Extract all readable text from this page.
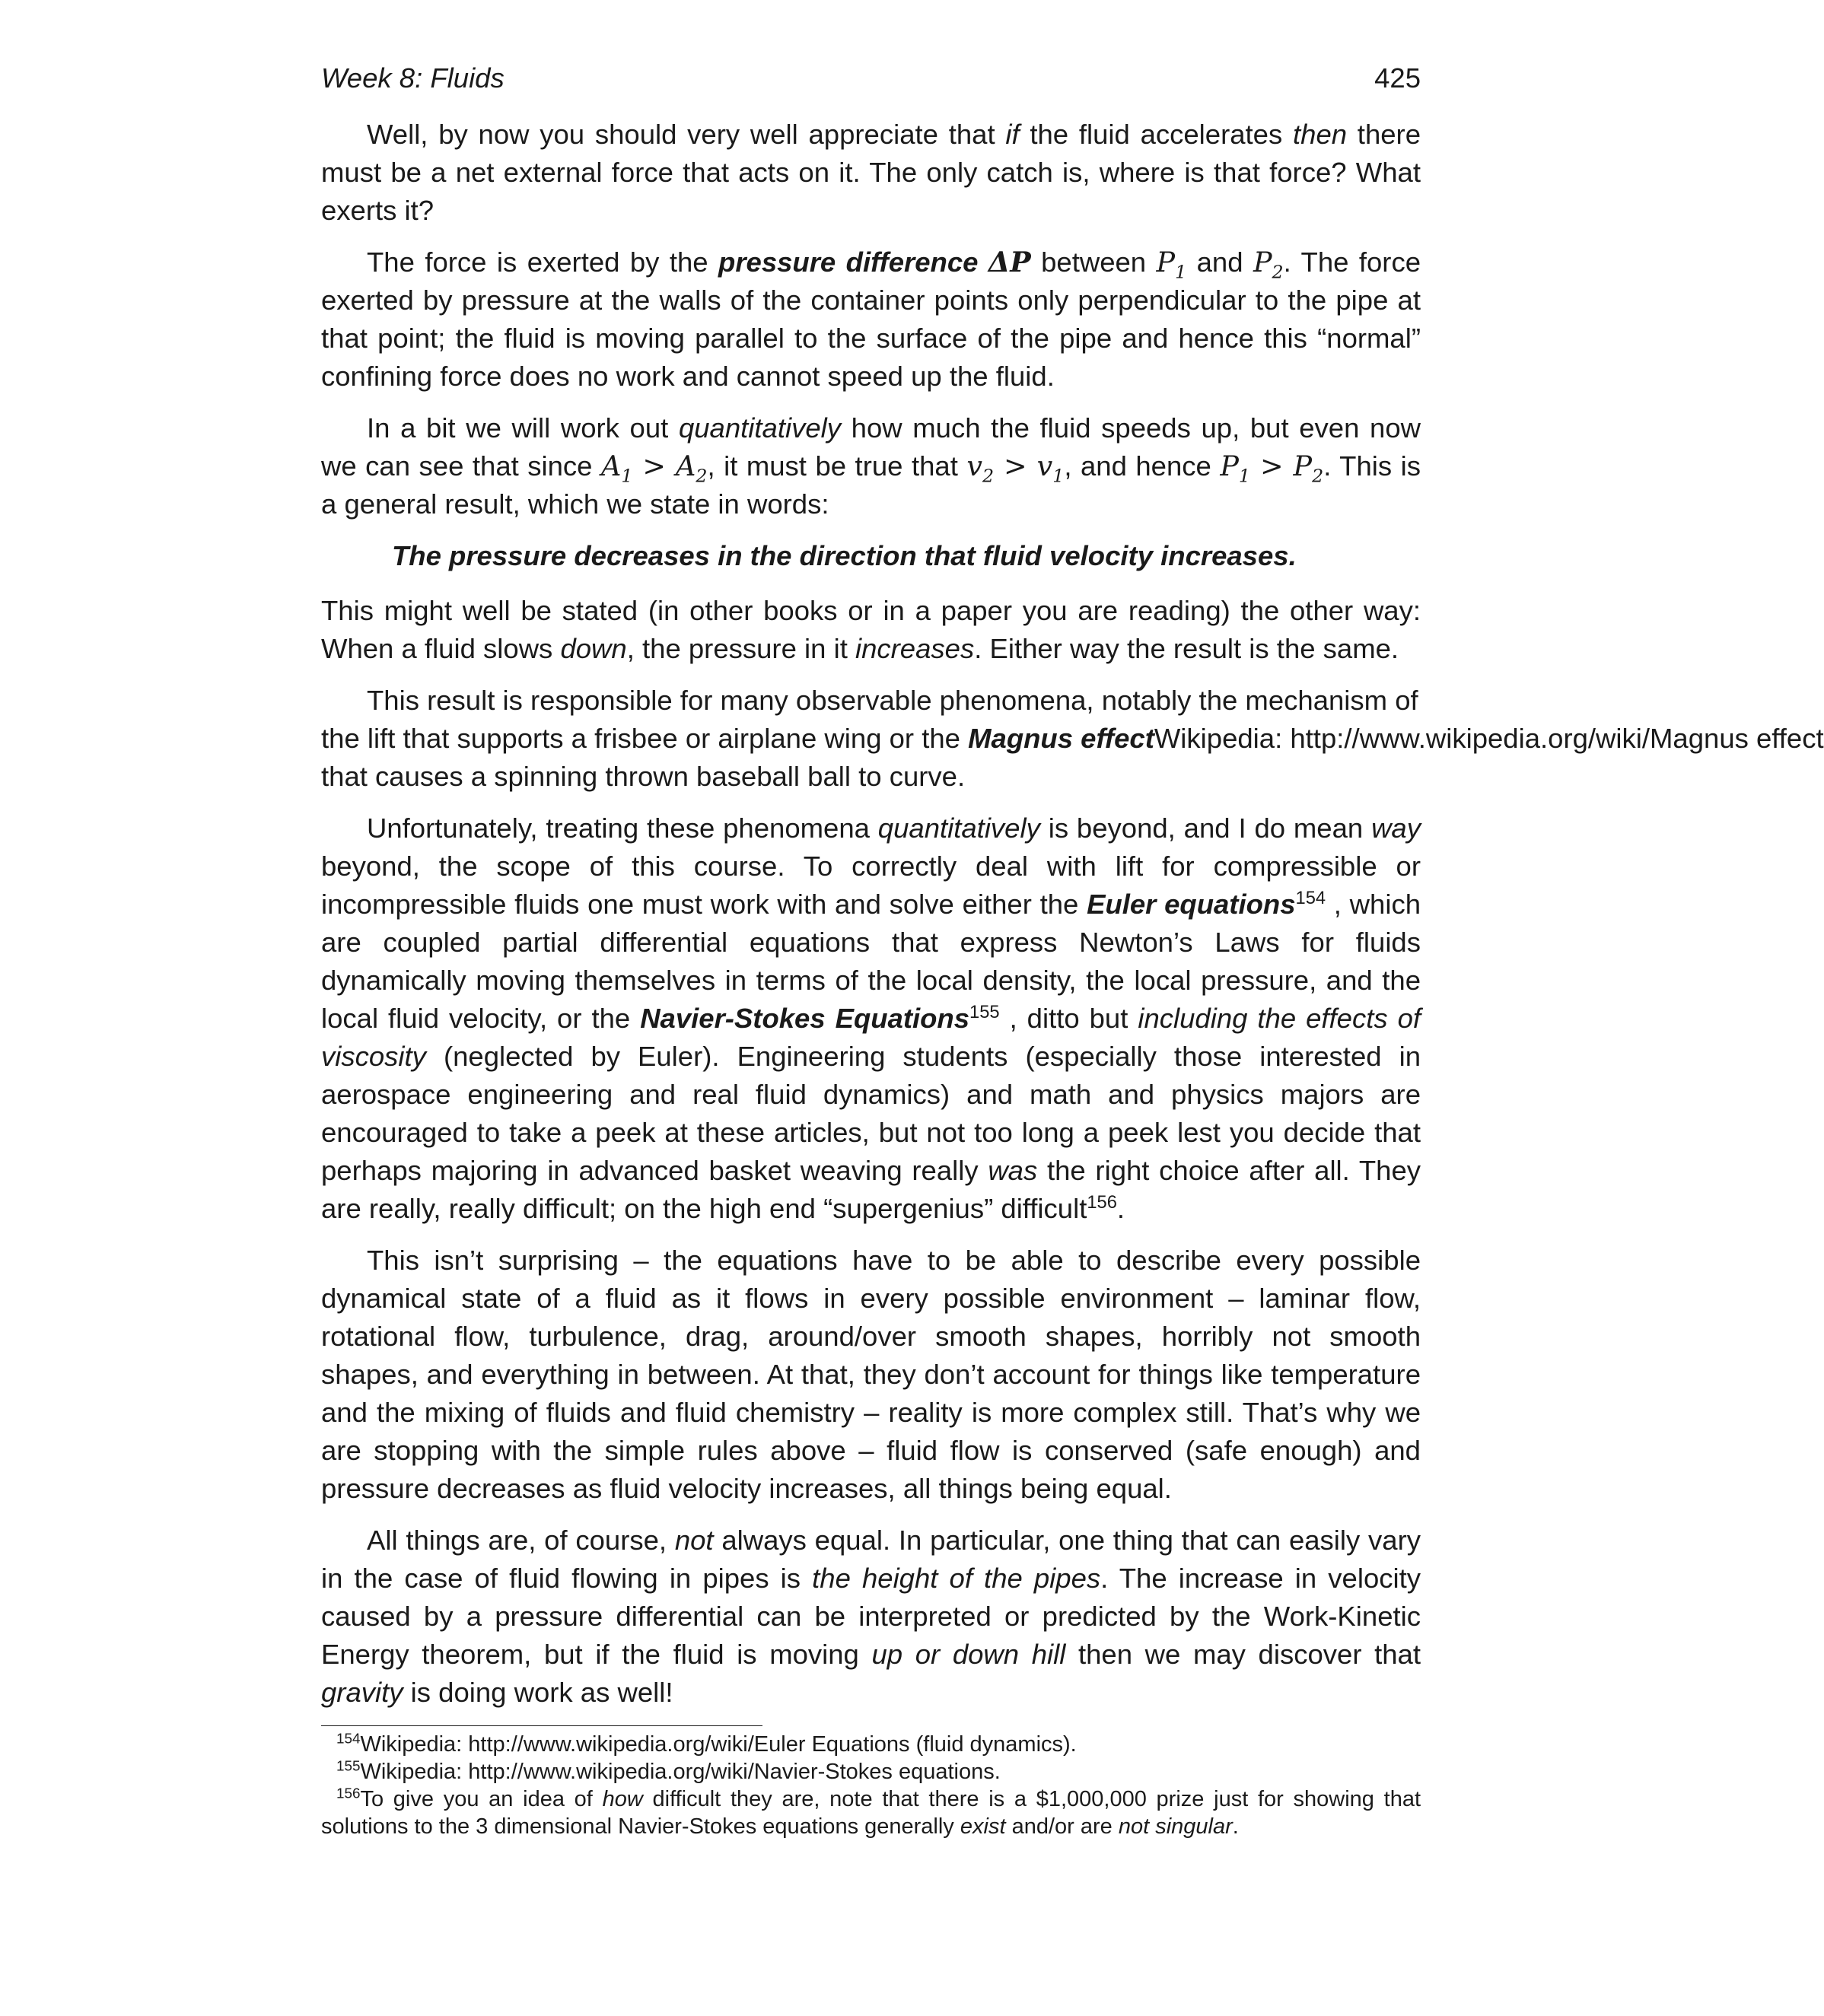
Week 8: Fluids	425

Well, by now you should very well appreciate that if the fluid accelerates then there must be a net external force that acts on it. The only catch is, where is that force? What exerts it?

The force is exerted by the pressure difference ΔP between $P_1$ and $P_2$. The force exerted by pressure at the walls of the container points only perpendicular to the pipe at that point; the fluid is moving parallel to the surface of the pipe and hence this “normal” confining force does no work and cannot speed up the fluid.

In a bit we will work out quantitatively how much the fluid speeds up, but even now we can see that since $A_1 > A_2$, it must be true that $v_2 > v_1$, and hence $P_1 > P_2$. This is a general result, which we state in words:

The pressure decreases in the direction that fluid velocity increases.

This might well be stated (in other books or in a paper you are reading) the other way: When a fluid slows down, the pressure in it increases. Either way the result is the same.

This result is responsible for many observable phenomena, notably the mechanism of
the lift that supports a frisbee or airplane wing or the Magnus effectWikipedia: http://www.wikipedia.org/wiki/Magnus effect
that causes a spinning thrown baseball ball to curve.

Unfortunately, treating these phenomena quantitatively is beyond, and I do mean way beyond, the scope of this course. To correctly deal with lift for compressible or incompressible fluids one must work with and solve either the Euler equations$^{154}$ , which are coupled partial differential equations that express Newton’s Laws for fluids dynamically moving themselves in terms of the local density, the local pressure, and the local fluid velocity, or the Navier-Stokes Equations$^{155}$ , ditto but including the effects of viscosity (neglected by Euler). Engineering students (especially those interested in aerospace engineering and real fluid dynamics) and math and physics majors are encouraged to take a peek at these articles, but not too long a peek lest you decide that perhaps majoring in advanced basket weaving really was the right choice after all. They are really, really difficult; on the high end “supergenius” difficult$^{156}$.

This isn’t surprising – the equations have to be able to describe every possible dynamical state of a fluid as it flows in every possible environment – laminar flow, rotational flow, turbulence, drag, around/over smooth shapes, horribly not smooth shapes, and everything in between. At that, they don’t account for things like temperature and the mixing of fluids and fluid chemistry – reality is more complex still. That’s why we are stopping with the simple rules above – fluid flow is conserved (safe enough) and pressure decreases as fluid velocity increases, all things being equal.

All things are, of course, not always equal. In particular, one thing that can easily vary in the case of fluid flowing in pipes is the height of the pipes. The increase in velocity caused by a pressure differential can be interpreted or predicted by the Work-Kinetic Energy theorem, but if the fluid is moving up or down hill then we may discover that gravity is doing work as well!

$^{154}$Wikipedia: http://www.wikipedia.org/wiki/Euler Equations (fluid dynamics).

$^{155}$Wikipedia: http://www.wikipedia.org/wiki/Navier-Stokes equations.

$^{156}$To give you an idea of how difficult they are, note that there is a $1,000,000 prize just for showing that solutions to the 3 dimensional Navier-Stokes equations generally exist and/or are not singular.
